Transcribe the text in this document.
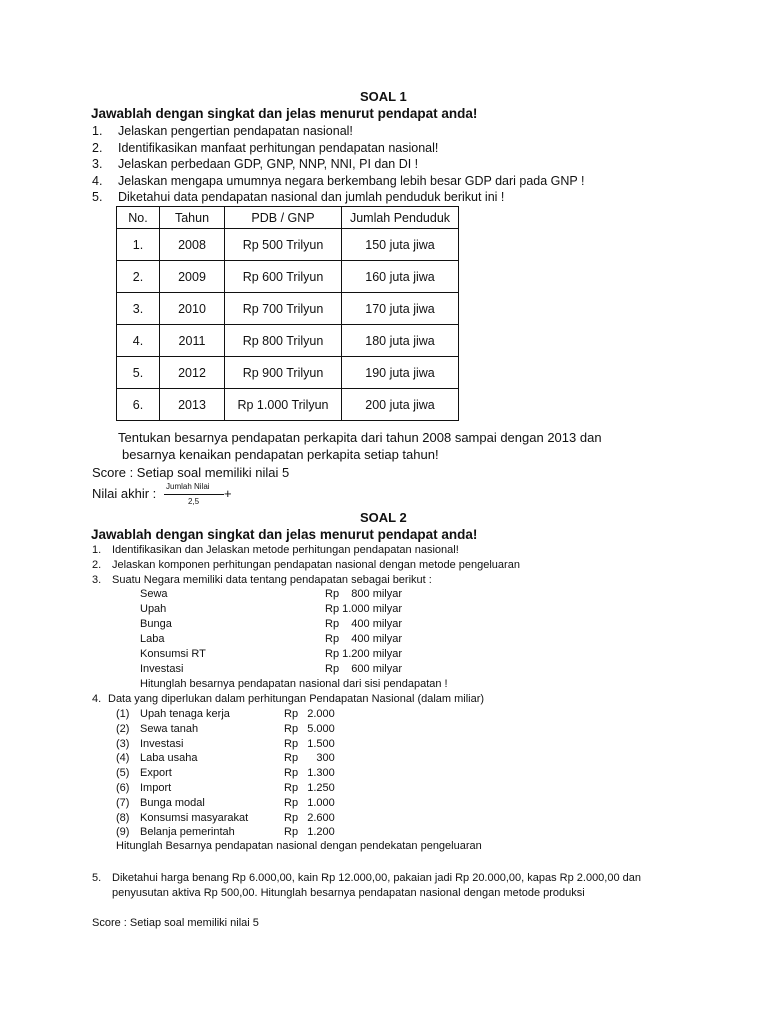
SOAL 1
Jawablah dengan singkat dan jelas menurut pendapat anda!
1. Jelaskan pengertian pendapatan nasional!
2. Identifikasikan manfaat perhitungan pendapatan nasional!
3. Jelaskan perbedaan GDP, GNP, NNP, NNI, PI dan DI !
4. Jelaskan mengapa umumnya negara berkembang lebih besar GDP dari pada GNP !
5. Diketahui data pendapatan nasional dan jumlah penduduk berikut ini !
No.	Tahun	PDB / GNP	Jumlah Penduduk
1.	2008	Rp 500 Trilyun	150 juta jiwa
2.	2009	Rp 600 Trilyun	160 juta jiwa
3.	2010	Rp 700 Trilyun	170 juta jiwa
4.	2011	Rp 800 Trilyun	180 juta jiwa
5.	2012	Rp 900 Trilyun	190 juta jiwa
6.	2013	Rp 1.000 Trilyun	200 juta jiwa
Tentukan besarnya pendapatan perkapita dari tahun 2008 sampai dengan 2013 dan
besarnya kenaikan pendapatan perkapita setiap tahun!
Score : Setiap soal memiliki nilai 5
Nilai akhir : Jumlah Nilai
2,5
+
SOAL 2
Jawablah dengan singkat dan jelas menurut pendapat anda!
1. Identifikasikan dan Jelaskan metode perhitungan pendapatan nasional!
2. Jelaskan komponen perhitungan pendapatan nasional dengan metode pengeluaran
3. Suatu Negara memiliki data tentang pendapatan sebagai berikut :
Sewa	Rp    800 milyar
Upah	Rp 1.000 milyar
Bunga	Rp    400 milyar
Laba	Rp    400 milyar
Konsumsi RT	Rp 1.200 milyar
Investasi	Rp    600 milyar
Hitunglah besarnya pendapatan nasional dari sisi pendapatan !
4. Data yang diperlukan dalam perhitungan Pendapatan Nasional (dalam miliar)
(1) Upah tenaga kerja	Rp   2.000
(2) Sewa tanah	Rp   5.000
(3) Investasi	Rp   1.500
(4) Laba usaha	Rp      300
(5) Export	Rp   1.300
(6) Import	Rp   1.250
(7) Bunga modal	Rp   1.000
(8) Konsumsi masyarakat	Rp   2.600
(9) Belanja pemerintah	Rp   1.200
Hitunglah Besarnya pendapatan nasional dengan pendekatan pengeluaran
5. Diketahui harga benang Rp 6.000,00, kain Rp 12.000,00, pakaian jadi Rp 20.000,00, kapas Rp 2.000,00 dan
penyusutan aktiva Rp 500,00. Hitunglah besarnya pendapatan nasional dengan metode produksi
Score : Setiap soal memiliki nilai 5
